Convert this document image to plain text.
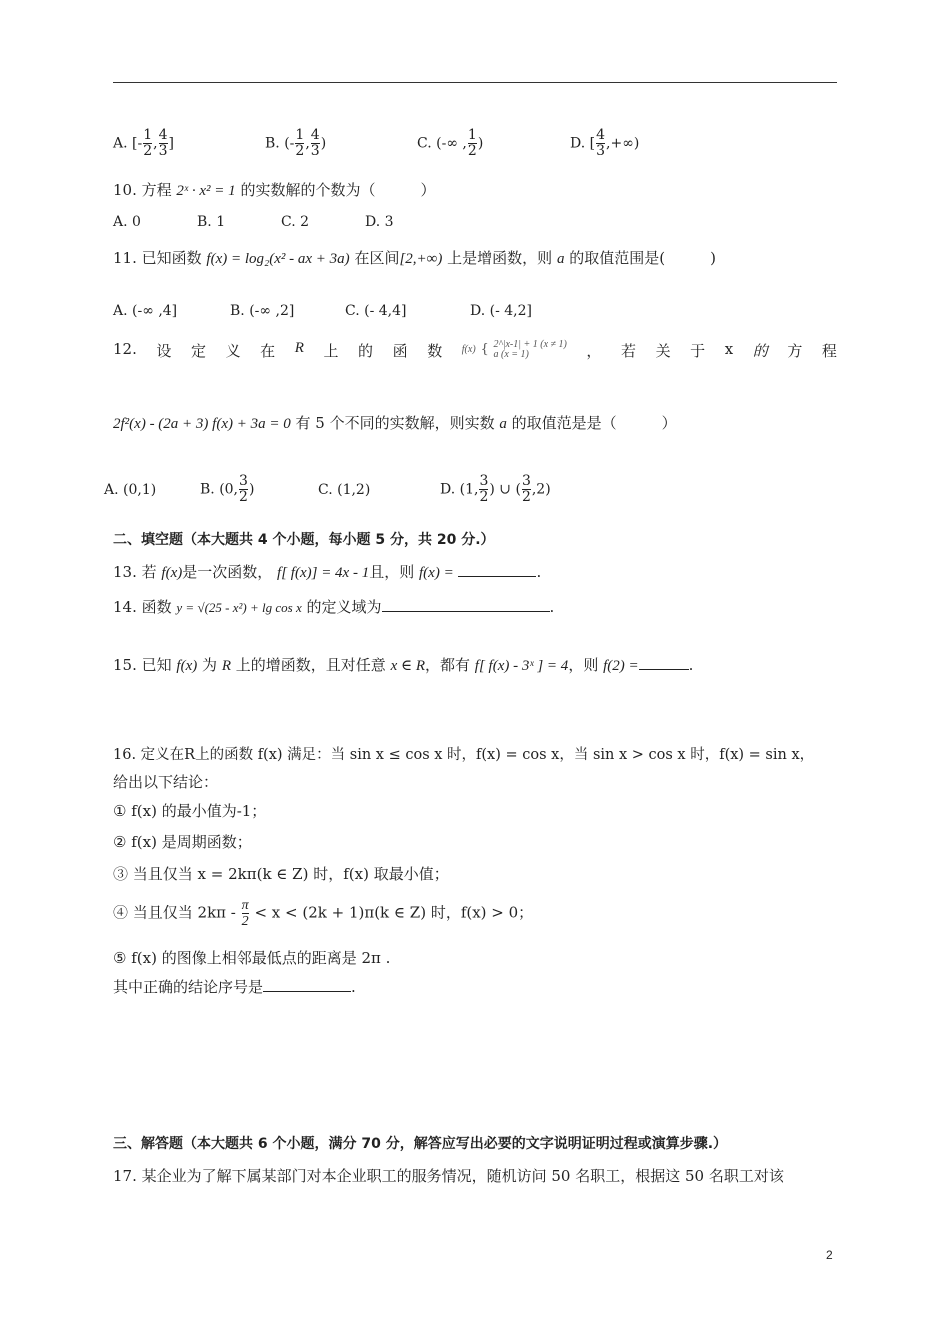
A. [- $\frac{1}{2}$ , $\frac{4}{3}$ ]	B. (- $\frac{1}{2}$ , $\frac{4}{3}$ )	C. (-∞ , $\frac{1}{2}$ )	D. [ $\frac{4}{3}$ ,+∞)
10. 方程 2ˣ · x² = 1 的实数解的个数为（　　　）
A. 0	B. 1	C. 2	D. 3
11. 已知函数 f(x) = log₂(x² - ax + 3a) 在区间[2,+∞) 上是增函数，则 a 的取值范围是(　　　)
A. (-∞ ,4]	B. (-∞ ,2]	C. (- 4,4]	D. (- 4,2]
12. 设 定 义 在 R 上 的 函 数 f(x) { 2^|x-1| + 1 (x ≠ 1)
a (x = 1)	， 若 关 于 x 的 方 程
2f²(x) - (2a + 3) f(x) + 3a = 0 有 5 个不同的实数解，则实数 a 的取值范是是（　　　）
A. (0,1)	B. (0, $\frac{3}{2}$ )	C. (1,2)	D. (1, $\frac{3}{2}$ ) ∪ ( $\frac{3}{2} ,2$)
二、填空题（本大题共 4 个小题，每小题 5 分，共 20 分.）
13. 若 f(x)是一次函数， f[ f(x)] = 4x - 1且，则 f(x) =	.
14. 函数 y = √(25 - x²) + lg cos x 的定义域为	.
15. 已知 f(x) 为 R 上的增函数，且对任意 x ∈ R，都有 f[ f(x) - 3ˣ ] = 4，则 f(2) =	.
16. 定义在R上的函数 f(x) 满足：当 sin x ≤ cos x 时，f(x) = cos x，当 sin x > cos x 时，f(x) = sin x，
给出以下结论：
① f(x) 的最小值为-1；
② f(x) 是周期函数；
③ 当且仅当 x = 2kπ(k ∈ Z) 时，f(x) 取最小值；
④ 当且仅当 $2k\pi - \frac{\pi}{2} < x < (2k + 1)\pi(k$ ∈ Z) 时，f(x) > 0；
⑤ f(x) 的图像上相邻最低点的距离是 2π .
其中正确的结论序号是	.
三、解答题（本大题共 6 个小题，满分 70 分，解答应写出必要的文字说明证明过程或演算步骤.）
17. 某企业为了解下属某部门对本企业职工的服务情况，随机访问 50 名职工，根据这 50 名职工对该
2
